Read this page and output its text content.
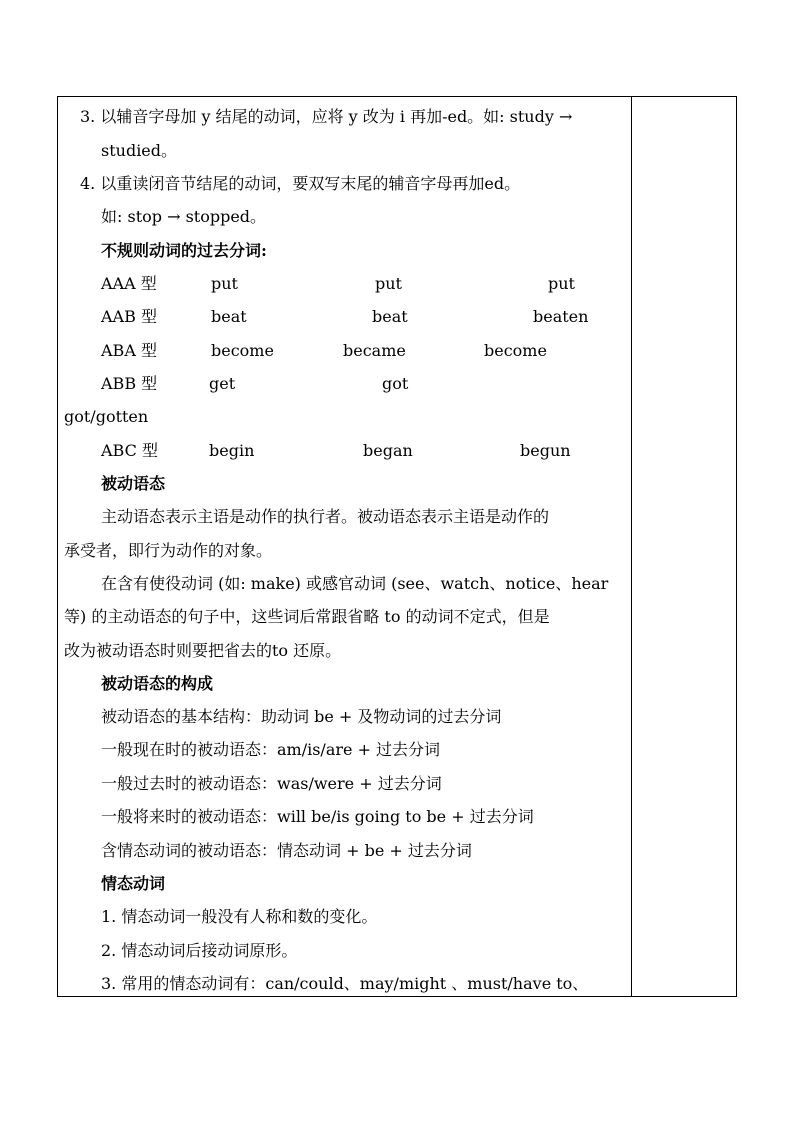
3. 以辅音字母加 y 结尾的动词，应将 y 改为 i 再加-ed。如: study →
studied。
4. 以重读闭音节结尾的动词，要双写末尾的辅音字母再加ed。
如: stop → stopped。
不规则动词的过去分词:
AAA 型	put	put	put
AAB 型	beat	beat	beaten
ABA 型	become	became	become
ABB 型	get	got
got/gotten
ABC 型	begin	began	begun
被动语态
主动语态表示主语是动作的执行者。被动语态表示主语是动作的
承受者，即行为动作的对象。
在含有使役动词 (如: make) 或感官动词 (see、watch、notice、hear
等) 的主动语态的句子中，这些词后常跟省略 to 的动词不定式，但是
改为被动语态时则要把省去的to 还原。
被动语态的构成
被动语态的基本结构：助动词 be + 及物动词的过去分词
一般现在时的被动语态：am/is/are + 过去分词
一般过去时的被动语态：was/were + 过去分词
一般将来时的被动语态：will be/is going to be + 过去分词
含情态动词的被动语态：情态动词 + be + 过去分词
情态动词
1. 情态动词一般没有人称和数的变化。
2. 情态动词后接动词原形。
3. 常用的情态动词有：can/could、may/might 、must/have to、
